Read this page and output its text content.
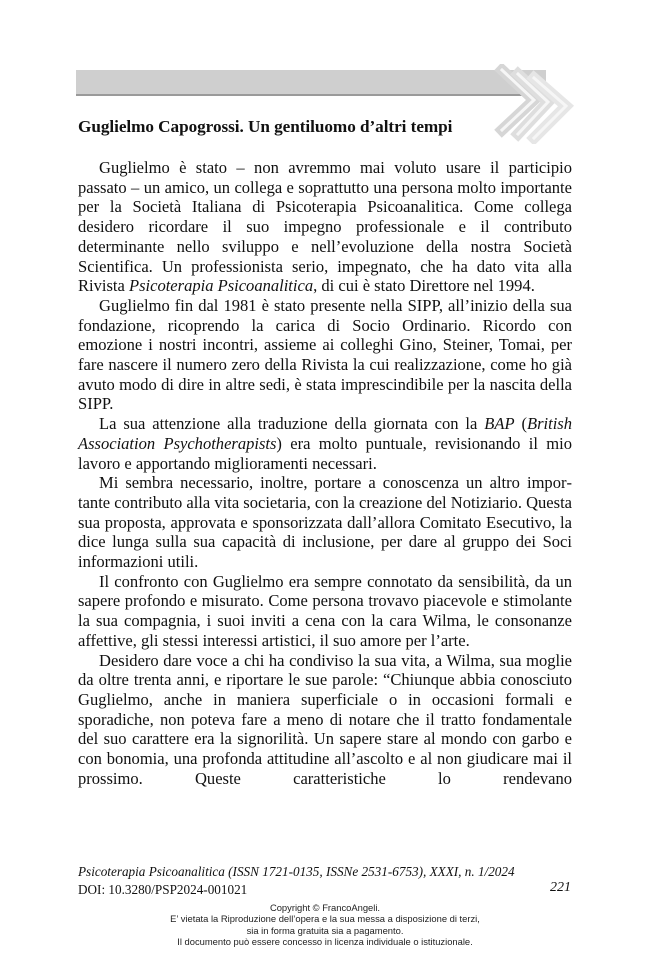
Guglielmo Capogrossi. Un gentiluomo d’altri tempi

Guglielmo è stato – non avremmo mai voluto usare il participio passato – un amico, un collega e soprattutto una persona molto importante per la Società Italiana di Psicoterapia Psicoanalitica. Come collega desidero ricordare il suo impegno professionale e il contributo determinante nello sviluppo e nell’evoluzione della nostra Società Scientifica. Un professionista serio, impegnato, che ha dato vita alla Rivista Psicoterapia Psicoanalitica, di cui è stato Direttore nel 1994.

Guglielmo fin dal 1981 è stato presente nella SIPP, all’inizio della sua fondazione, ricoprendo la carica di Socio Ordinario. Ricordo con emozione i nostri incontri, assieme ai colleghi Gino, Steiner, Tomai, per fare nascere il numero zero della Rivista la cui realizzazione, come ho già avuto modo di dire in altre sedi, è stata imprescindibile per la nascita della SIPP.

La sua attenzione alla traduzione della giornata con la BAP (British Association Psychotherapists) era molto puntuale, revisionando il mio lavoro e apportando miglioramenti necessari.

Mi sembra necessario, inoltre, portare a conoscenza un altro importante contributo alla vita societaria, con la creazione del Notiziario. Questa sua proposta, approvata e sponsorizzata dall’allora Comitato Esecutivo, la dice lunga sulla sua capacità di inclusione, per dare al gruppo dei Soci informazioni utili.

Il confronto con Guglielmo era sempre connotato da sensibilità, da un sapere profondo e misurato. Come persona trovavo piacevole e stimolante la sua compagnia, i suoi inviti a cena con la cara Wilma, le consonanze affettive, gli stessi interessi artistici, il suo amore per l’arte.

Desidero dare voce a chi ha condiviso la sua vita, a Wilma, sua moglie da oltre trenta anni, e riportare le sue parole: “Chiunque abbia conosciuto Guglielmo, anche in maniera superficiale o in occasioni formali e sporadiche, non poteva fare a meno di notare che il tratto fondamentale del suo carattere era la signorilità. Un sapere stare al mondo con garbo e con bonomia, una profonda attitudine all’ascolto e al non giudicare mai il prossimo. Queste caratteristiche lo rendevano

Psicoterapia Psicoanalitica (ISSN 1721-0135, ISSNe 2531-6753), XXXI, n. 1/2024

DOI: 10.3280/PSP2024-001021	221

Copyright © FrancoAngeli.
E’ vietata la Riproduzione dell’opera e la sua messa a disposizione di terzi,
sia in forma gratuita sia a pagamento.
Il documento può essere concesso in licenza individuale o istituzionale.
